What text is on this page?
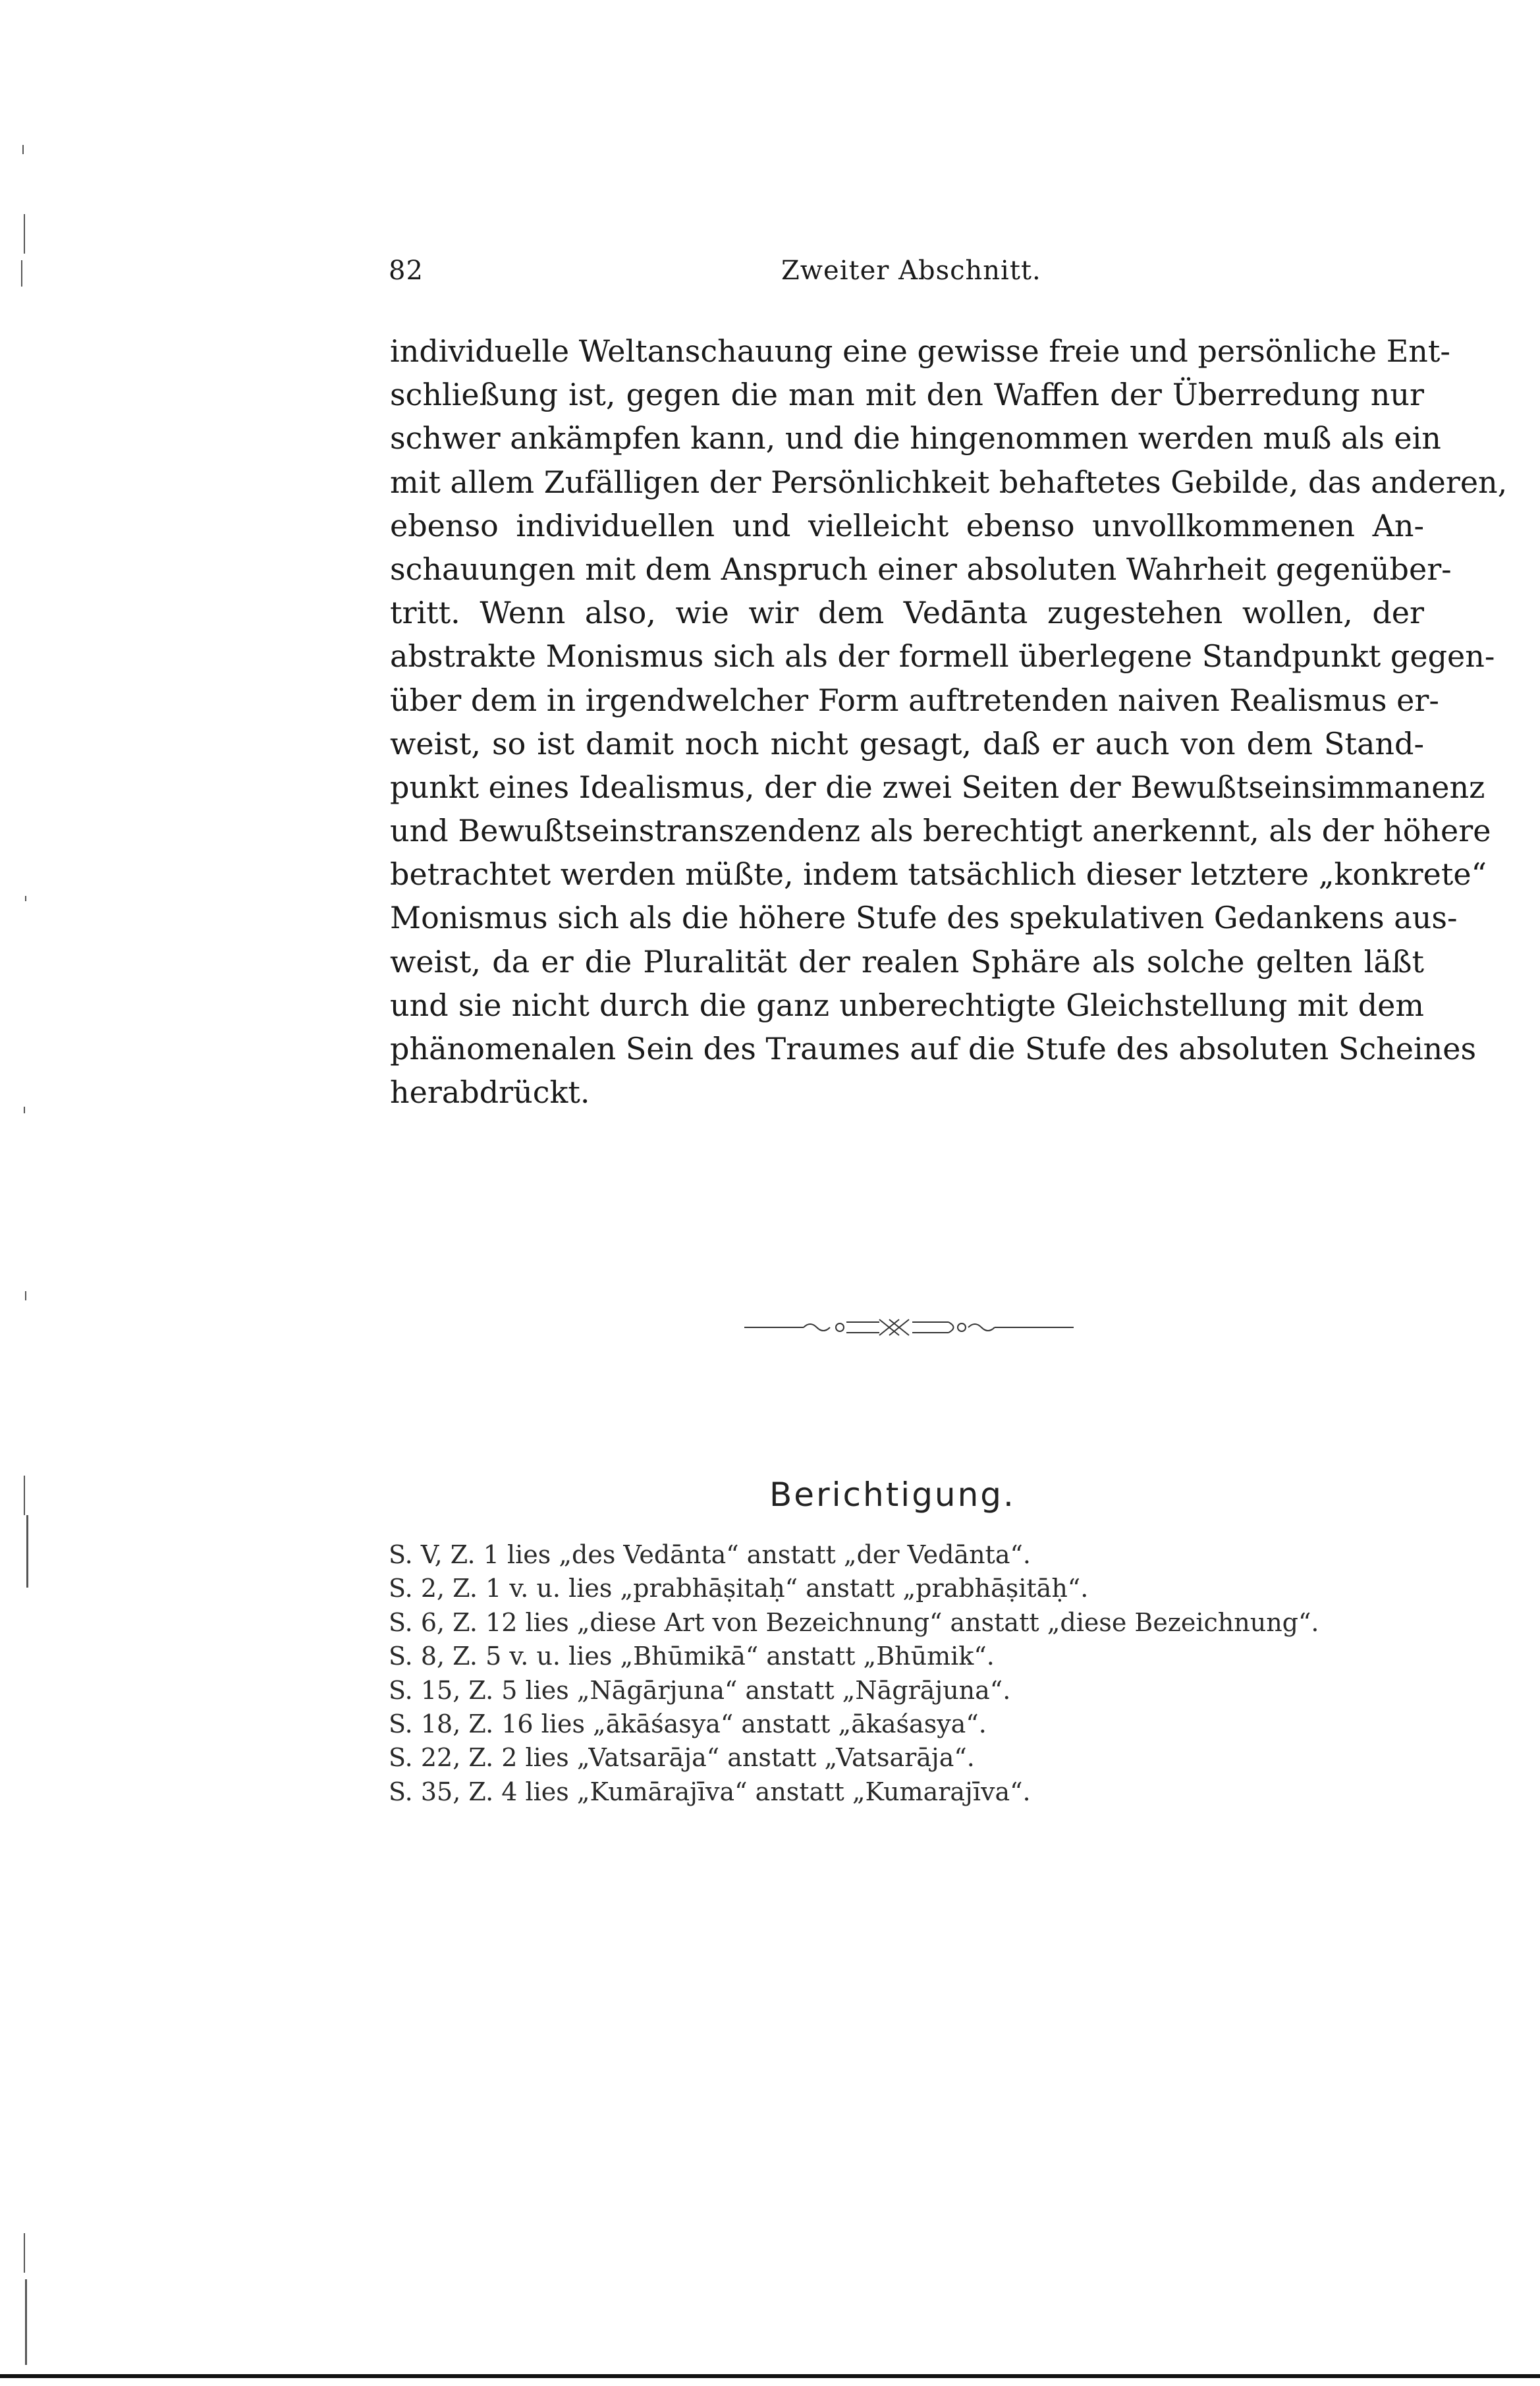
82	Zweiter Abschnitt.
individuelle Weltanschauung eine gewisse freie und persönliche Ent-
schließung ist, gegen die man mit den Waffen der Überredung nur
schwer ankämpfen kann, und die hingenommen werden muß als ein
mit allem Zufälligen der Persönlichkeit behaftetes Gebilde, das anderen,
ebenso individuellen und vielleicht ebenso unvollkommenen An-
schauungen mit dem Anspruch einer absoluten Wahrheit gegenüber-
tritt. Wenn also, wie wir dem Vedānta zugestehen wollen, der
abstrakte Monismus sich als der formell überlegene Standpunkt gegen-
über dem in irgendwelcher Form auftretenden naiven Realismus er-
weist, so ist damit noch nicht gesagt, daß er auch von dem Stand-
punkt eines Idealismus, der die zwei Seiten der Bewußtseinsimmanenz
und Bewußtseinstranszendenz als berechtigt anerkennt, als der höhere
betrachtet werden müßte, indem tatsächlich dieser letztere „konkrete“
Monismus sich als die höhere Stufe des spekulativen Gedankens aus-
weist, da er die Pluralität der realen Sphäre als solche gelten läßt
und sie nicht durch die ganz unberechtigte Gleichstellung mit dem
phänomenalen Sein des Traumes auf die Stufe des absoluten Scheines
herabdrückt.
Berichtigung.
S. V, Z. 1 lies „des Vedānta“ anstatt „der Vedānta“.
S. 2, Z. 1 v. u. lies „prabhāṣitaḥ“ anstatt „prabhāṣitāḥ“.
S. 6, Z. 12 lies „diese Art von Bezeichnung“ anstatt „diese Bezeichnung“.
S. 8, Z. 5 v. u. lies „Bhūmikā“ anstatt „Bhūmik“.
S. 15, Z. 5 lies „Nāgārjuna“ anstatt „Nāgrājuna“.
S. 18, Z. 16 lies „ākāśasya“ anstatt „ākaśasya“.
S. 22, Z. 2 lies „Vatsarāja“ anstatt „Vatsarāja“.
S. 35, Z. 4 lies „Kumārajīva“ anstatt „Kumarajīva“.
